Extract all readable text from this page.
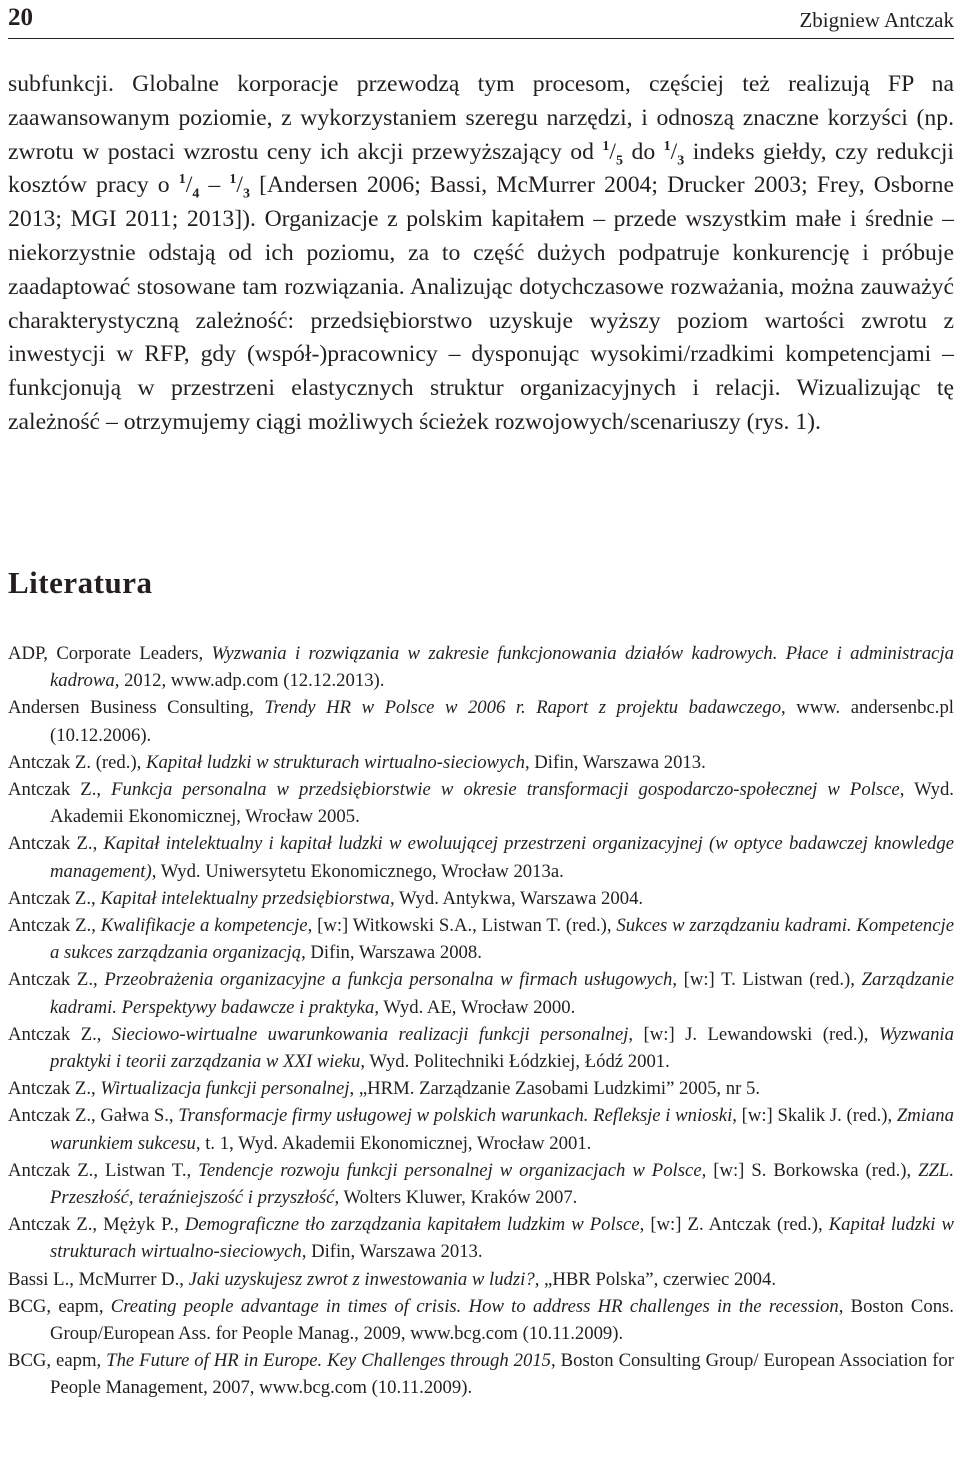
20	Zbigniew Antczak

subfunkcji. Globalne korporacje przewodzą tym procesom, częściej też realizują FP na zaawansowanym poziomie, z wykorzystaniem szeregu narzędzi, i odnoszą znaczne korzyści (np. zwrotu w postaci wzrostu ceny ich akcji przewyższający od $^1/_5$ do $^1/_3$ indeks giełdy, czy redukcji kosztów pracy o $^1/_4 - ^1/_3$ [Andersen 2006; Bassi, McMurrer 2004; Drucker 2003; Frey, Osborne 2013; MGI 2011; 2013]). Organizacje z polskim kapitałem – przede wszystkim małe i średnie – niekorzystnie odstają od ich poziomu, za to część dużych podpatruje konkurencję i próbuje zaadaptować stosowane tam rozwiązania. Analizując dotychczasowe rozważania, można zauważyć charakterystyczną zależność: przedsiębiorstwo uzyskuje wyższy poziom wartości zwrotu z inwestycji w RFP, gdy (współ-)pracownicy – dysponując wysokimi/rzadkimi kompetencjami – funkcjonują w przestrzeni elastycznych struktur organizacyjnych i relacji. Wizualizując tę zależność – otrzymujemy ciągi możliwych ścieżek rozwojowych/scenariuszy (rys. 1).

Literatura
ADP, Corporate Leaders, Wyzwania i rozwiązania w zakresie funkcjonowania działów kadrowych. Płace i administracja kadrowa, 2012, www.adp.com (12.12.2013).
Andersen Business Consulting, Trendy HR w Polsce w 2006 r. Raport z projektu badawczego, www. andersenbc.pl (10.12.2006).
Antczak Z. (red.), Kapitał ludzki w strukturach wirtualno-sieciowych, Difin, Warszawa 2013.
Antczak Z., Funkcja personalna w przedsiębiorstwie w okresie transformacji gospodarczo-społecznej w Polsce, Wyd. Akademii Ekonomicznej, Wrocław 2005.
Antczak Z., Kapitał intelektualny i kapitał ludzki w ewoluującej przestrzeni organizacyjnej (w optyce badawczej knowledge management), Wyd. Uniwersytetu Ekonomicznego, Wrocław 2013a.
Antczak Z., Kapitał intelektualny przedsiębiorstwa, Wyd. Antykwa, Warszawa 2004.
Antczak Z., Kwalifikacje a kompetencje, [w:] Witkowski S.A., Listwan T. (red.), Sukces w zarządzaniu kadrami. Kompetencje a sukces zarządzania organizacją, Difin, Warszawa 2008.
Antczak Z., Przeobrażenia organizacyjne a funkcja personalna w firmach usługowych, [w:] T. Listwan (red.), Zarządzanie kadrami. Perspektywy badawcze i praktyka, Wyd. AE, Wrocław 2000.
Antczak Z., Sieciowo-wirtualne uwarunkowania realizacji funkcji personalnej, [w:] J. Lewandowski (red.), Wyzwania praktyki i teorii zarządzania w XXI wieku, Wyd. Politechniki Łódzkiej, Łódź 2001.
Antczak Z., Wirtualizacja funkcji personalnej, „HRM. Zarządzanie Zasobami Ludzkimi” 2005, nr 5.
Antczak Z., Gałwa S., Transformacje firmy usługowej w polskich warunkach. Refleksje i wnioski, [w:] Skalik J. (red.), Zmiana warunkiem sukcesu, t. 1, Wyd. Akademii Ekonomicznej, Wrocław 2001.
Antczak Z., Listwan T., Tendencje rozwoju funkcji personalnej w organizacjach w Polsce, [w:] S. Borkowska (red.), ZZL. Przeszłość, teraźniejszość i przyszłość, Wolters Kluwer, Kraków 2007.
Antczak Z., Mężyk P., Demograficzne tło zarządzania kapitałem ludzkim w Polsce, [w:] Z. Antczak (red.), Kapitał ludzki w strukturach wirtualno-sieciowych, Difin, Warszawa 2013.
Bassi L., McMurrer D., Jaki uzyskujesz zwrot z inwestowania w ludzi?, „HBR Polska”, czerwiec 2004.
BCG, eapm, Creating people advantage in times of crisis. How to address HR challenges in the recession, Boston Cons. Group/European Ass. for People Manag., 2009, www.bcg.com (10.11.2009).
BCG, eapm, The Future of HR in Europe. Key Challenges through 2015, Boston Consulting Group/ European Association for People Management, 2007, www.bcg.com (10.11.2009).
